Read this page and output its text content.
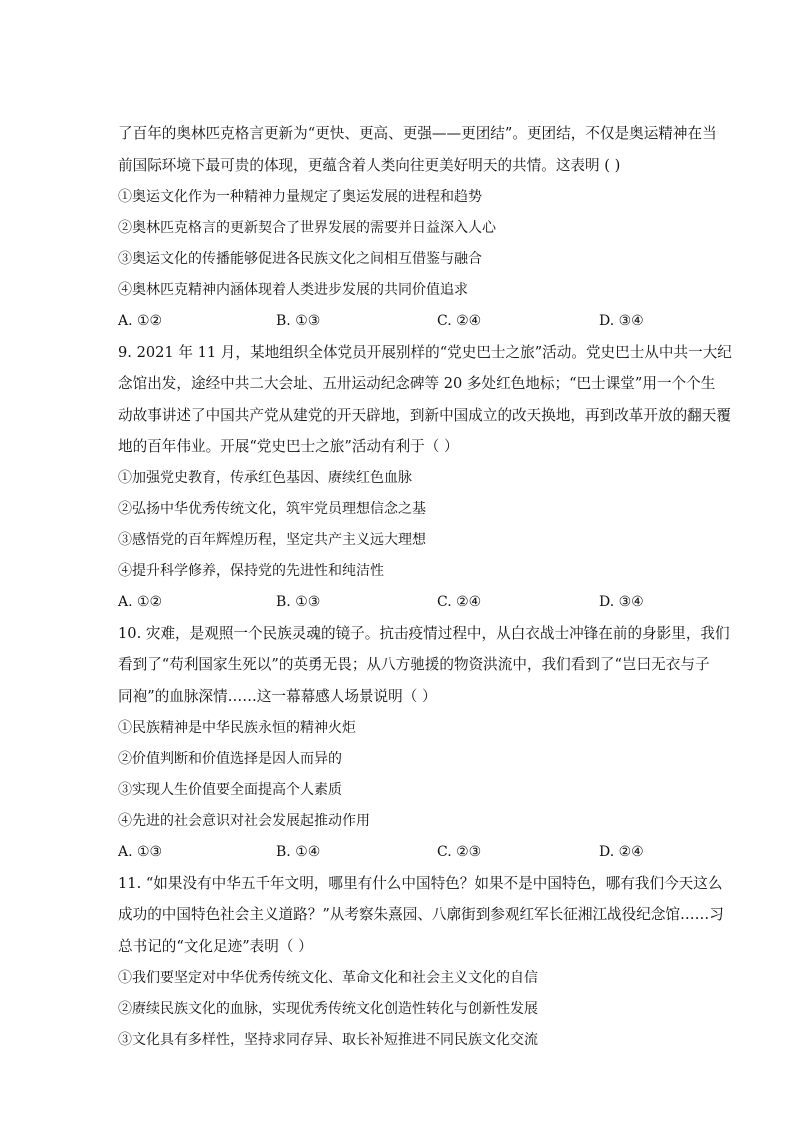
了百年的奥林匹克格言更新为“更快、更高、更强——更团结”。更团结，不仅是奥运精神在当
前国际环境下最可贵的体现，更蕴含着人类向往更美好明天的共情。这表明 ( )
①奥运文化作为一种精神力量规定了奥运发展的进程和趋势
②奥林匹克格言的更新契合了世界发展的需要并日益深入人心
③奥运文化的传播能够促进各民族文化之间相互借鉴与融合
④奥林匹克精神内涵体现着人类进步发展的共同价值追求
A. ①②	B. ①③	C. ②④	D. ③④
9. 2021 年 11 月，某地组织全体党员开展别样的“党史巴士之旅”活动。党史巴士从中共一大纪
念馆出发，途经中共二大会址、五卅运动纪念碑等 20 多处红色地标；“巴士课堂”用一个个生
动故事讲述了中国共产党从建党的开天辟地，到新中国成立的改天换地，再到改革开放的翻天覆
地的百年伟业。开展“党史巴士之旅”活动有利于（ ）
①加强党史教育，传承红色基因、赓续红色血脉
②弘扬中华优秀传统文化，筑牢党员理想信念之基
③感悟党的百年辉煌历程，坚定共产主义远大理想
④提升科学修养，保持党的先进性和纯洁性
A. ①②	B. ①③	C. ②④	D. ③④
10. 灾难，是观照一个民族灵魂的镜子。抗击疫情过程中，从白衣战士冲锋在前的身影里，我们
看到了“苟利国家生死以”的英勇无畏；从八方驰援的物资洪流中，我们看到了“岂曰无衣与子
同袍”的血脉深情……这一幕幕感人场景说明（ ）
①民族精神是中华民族永恒的精神火炬
②价值判断和价值选择是因人而异的
③实现人生价值要全面提高个人素质
④先进的社会意识对社会发展起推动作用
A. ①③	B. ①④	C. ②③	D. ②④
11. “如果没有中华五千年文明，哪里有什么中国特色？如果不是中国特色，哪有我们今天这么
成功的中国特色社会主义道路？”从考察朱熹园、八廓街到参观红军长征湘江战役纪念馆……习
总书记的“文化足迹”表明（ ）
①我们要坚定对中华优秀传统文化、革命文化和社会主义文化的自信
②赓续民族文化的血脉，实现优秀传统文化创造性转化与创新性发展
③文化具有多样性，坚持求同存异、取长补短推进不同民族文化交流
